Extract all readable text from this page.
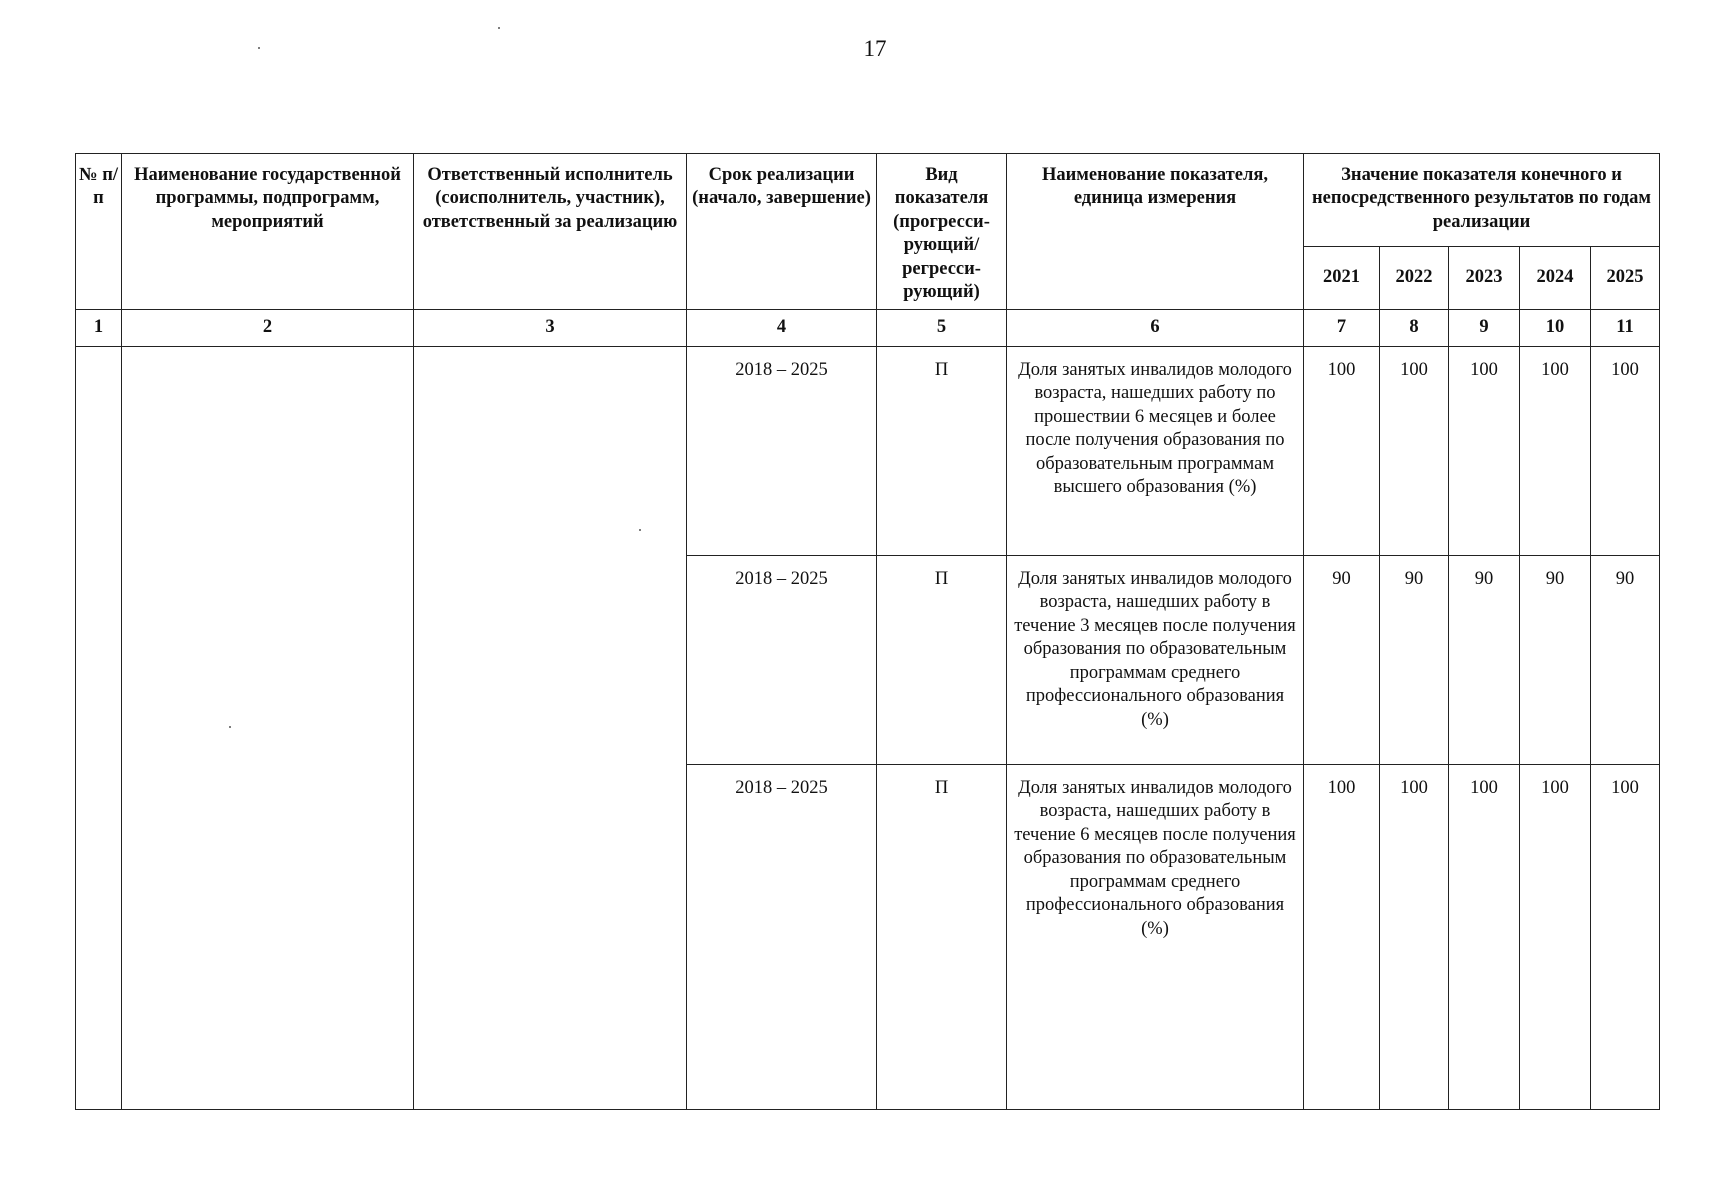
17
№ п/п	Наименование государственной программы, подпрограмм, мероприятий	Ответственный исполнитель (соисполнитель, участник), ответственный за реализацию	Срок реализации (начало, завершение)	Вид показателя (прогресси-рующий/ регресси-рующий)	Наименование показателя, единица измерения	Значение показателя конечного и непосредственного результатов по годам реализации				
						2021	2022	2023	2024	2025
1	2	3	4	5	6	7	8	9	10	11
			2018 – 2025	П	Доля занятых инвалидов молодого возраста, нашедших работу по прошествии 6 месяцев и более после получения образования по образовательным программам высшего образования (%)	100	100	100	100	100
			2018 – 2025	П	Доля занятых инвалидов молодого возраста, нашедших работу в течение 3 месяцев после получения образования по образовательным программам среднего профессионального образования (%)	90	90	90	90	90
			2018 – 2025	П	Доля занятых инвалидов молодого возраста, нашедших работу в течение 6 месяцев после получения образования по образовательным программам среднего профессионального образования (%)	100	100	100	100	100
